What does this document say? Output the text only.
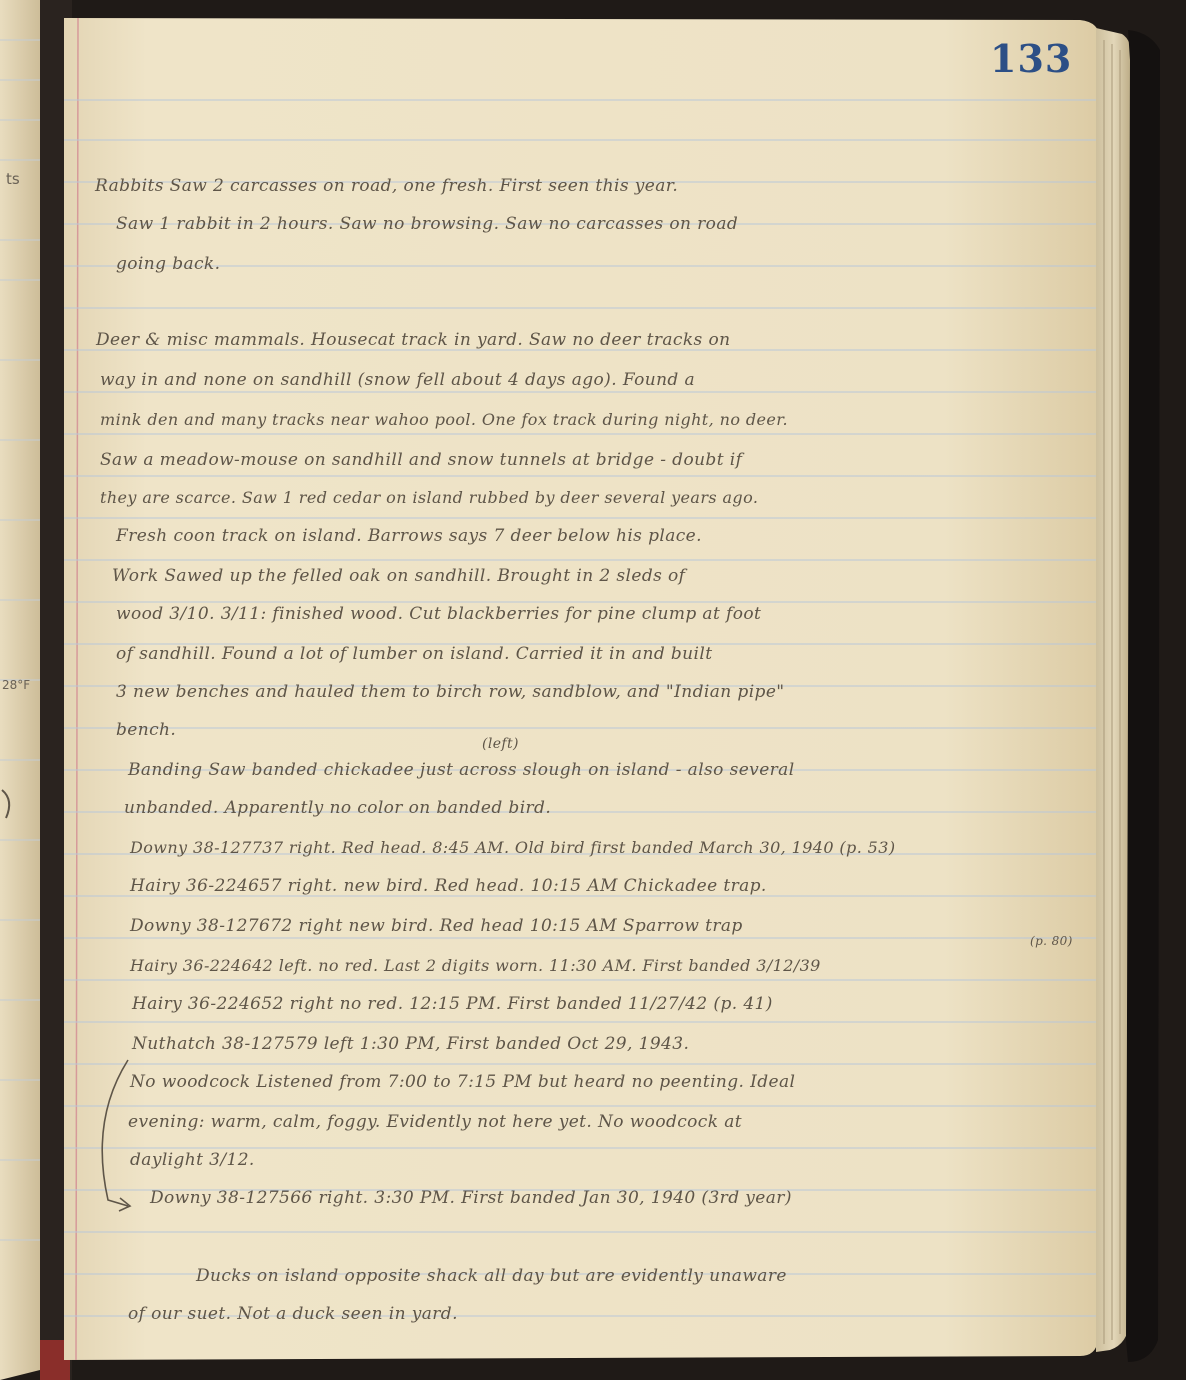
133

ts

28°F

Rabbits Saw 2 carcasses on road, one fresh. First seen this year.

Saw 1 rabbit in 2 hours. Saw no browsing. Saw no carcasses on road

going back.

Deer & misc mammals. Housecat track in yard. Saw no deer tracks on

way in and none on sandhill (snow fell about 4 days ago). Found a

mink den and many tracks near wahoo pool. One fox track during night, no deer.

Saw a meadow-mouse on sandhill and snow tunnels at bridge - doubt if

they are scarce. Saw 1 red cedar on island rubbed by deer several years ago.

Fresh coon track on island. Barrows says 7 deer below his place.

Work Sawed up the felled oak on sandhill. Brought in 2 sleds of

wood 3/10. 3/11: finished wood. Cut blackberries for pine clump at foot

of sandhill. Found a lot of lumber on island. Carried it in and built

3 new benches and hauled them to birch row, sandblow, and "Indian pipe"

bench.

(left)

Banding Saw banded chickadee just across slough on island - also several

unbanded. Apparently no color on banded bird.

Downy 38-127737 right. Red head. 8:45 AM. Old bird first banded March 30, 1940 (p. 53)

Hairy 36-224657 right. new bird. Red head. 10:15 AM Chickadee trap.

Downy 38-127672 right new bird. Red head 10:15 AM Sparrow trap

Hairy 36-224642 left. no red. Last 2 digits worn. 11:30 AM. First banded 3/12/39

(p. 80)

Hairy 36-224652 right no red. 12:15 PM. First banded 11/27/42 (p. 41)

Nuthatch 38-127579 left 1:30 PM, First banded Oct 29, 1943.

No woodcock Listened from 7:00 to 7:15 PM but heard no peenting. Ideal

evening: warm, calm, foggy. Evidently not here yet. No woodcock at

daylight 3/12.

Downy 38-127566 right. 3:30 PM. First banded Jan 30, 1940 (3rd year)

Ducks on island opposite shack all day but are evidently unaware

of our suet. Not a duck seen in yard.
